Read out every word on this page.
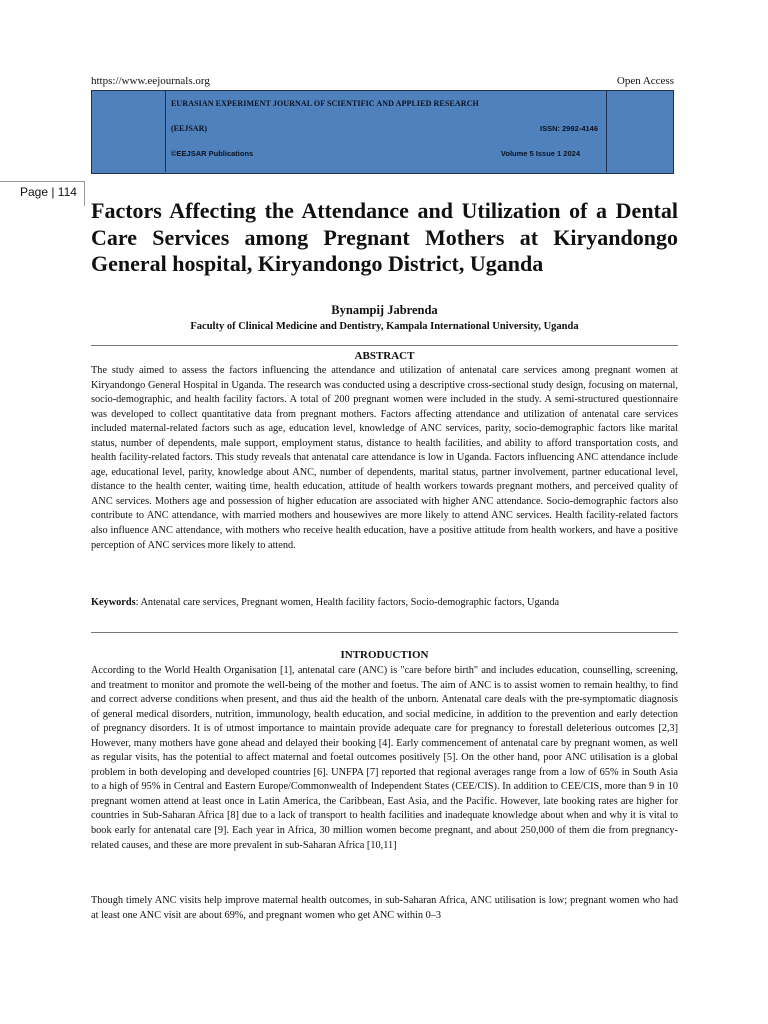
https://www.eejournals.org	Open Access
EURASIAN EXPERIMENT JOURNAL OF SCIENTIFIC AND APPLIED RESEARCH
(EEJSAR)	ISSN: 2992-4146
©EEJSAR Publications	Volume 5 Issue 1 2024
Page | 114
Factors Affecting the Attendance and Utilization of a Dental Care Services among Pregnant Mothers at Kiryandongo General hospital, Kiryandongo District, Uganda
Bynampij Jabrenda
Faculty of Clinical Medicine and Dentistry, Kampala International University, Uganda
ABSTRACT

The study aimed to assess the factors influencing the attendance and utilization of antenatal care services among pregnant women at Kiryandongo General Hospital in Uganda. The research was conducted using a descriptive cross-sectional study design, focusing on maternal, socio-demographic, and health facility factors. A total of 200 pregnant women were included in the study. A semi-structured questionnaire was developed to collect quantitative data from pregnant mothers. Factors affecting attendance and utilization of antenatal care services included maternal-related factors such as age, education level, knowledge of ANC services, parity, socio-demographic factors like marital status, number of dependents, male support, employment status, distance to health facilities, and ability to afford transportation costs, and health facility-related factors. This study reveals that antenatal care attendance is low in Uganda. Factors influencing ANC attendance include age, educational level, parity, knowledge about ANC, number of dependents, marital status, partner involvement, partner educational level, distance to the health center, waiting time, health education, attitude of health workers towards pregnant mothers, and perceived quality of ANC services. Mothers age and possession of higher education are associated with higher ANC attendance. Socio-demographic factors also contribute to ANC attendance, with married mothers and housewives are more likely to attend ANC services. Health facility-related factors also influence ANC attendance, with mothers who receive health education, have a positive attitude from health workers, and have a positive perception of ANC services more likely to attend.

Keywords: Antenatal care services, Pregnant women, Health facility factors, Socio-demographic factors, Uganda
INTRODUCTION

According to the World Health Organisation [1], antenatal care (ANC) is "care before birth" and includes education, counselling, screening, and treatment to monitor and promote the well-being of the mother and foetus. The aim of ANC is to assist women to remain healthy, to find and correct adverse conditions when present, and thus aid the health of the unborn. Antenatal care deals with the pre-symptomatic diagnosis of general medical disorders, nutrition, immunology, health education, and social medicine, in addition to the prevention and early detection of pregnancy disorders. It is of utmost importance to maintain provide adequate care for pregnancy to forestall deleterious outcomes [2,3] However, many mothers have gone ahead and delayed their booking [4]. Early commencement of antenatal care by pregnant women, as well as regular visits, has the potential to affect maternal and foetal outcomes positively [5]. On the other hand, poor ANC utilisation is a global problem in both developing and developed countries [6]. UNFPA [7] reported that regional averages range from a low of 65% in South Asia to a high of 95% in Central and Eastern Europe/Commonwealth of Independent States (CEE/CIS). In addition to CEE/CIS, more than 9 in 10 pregnant women attend at least once in Latin America, the Caribbean, East Asia, and the Pacific. However, late booking rates are higher for countries in Sub-Saharan Africa [8] due to a lack of transport to health facilities and inadequate knowledge about when and why it is vital to book early for antenatal care [9]. Each year in Africa, 30 million women become pregnant, and about 250,000 of them die from pregnancy-related causes, and these are more prevalent in sub-Saharan Africa [10,11]

Though timely ANC visits help improve maternal health outcomes, in sub-Saharan Africa, ANC utilisation is low; pregnant women who had at least one ANC visit are about 69%, and pregnant women who get ANC within 0–3
